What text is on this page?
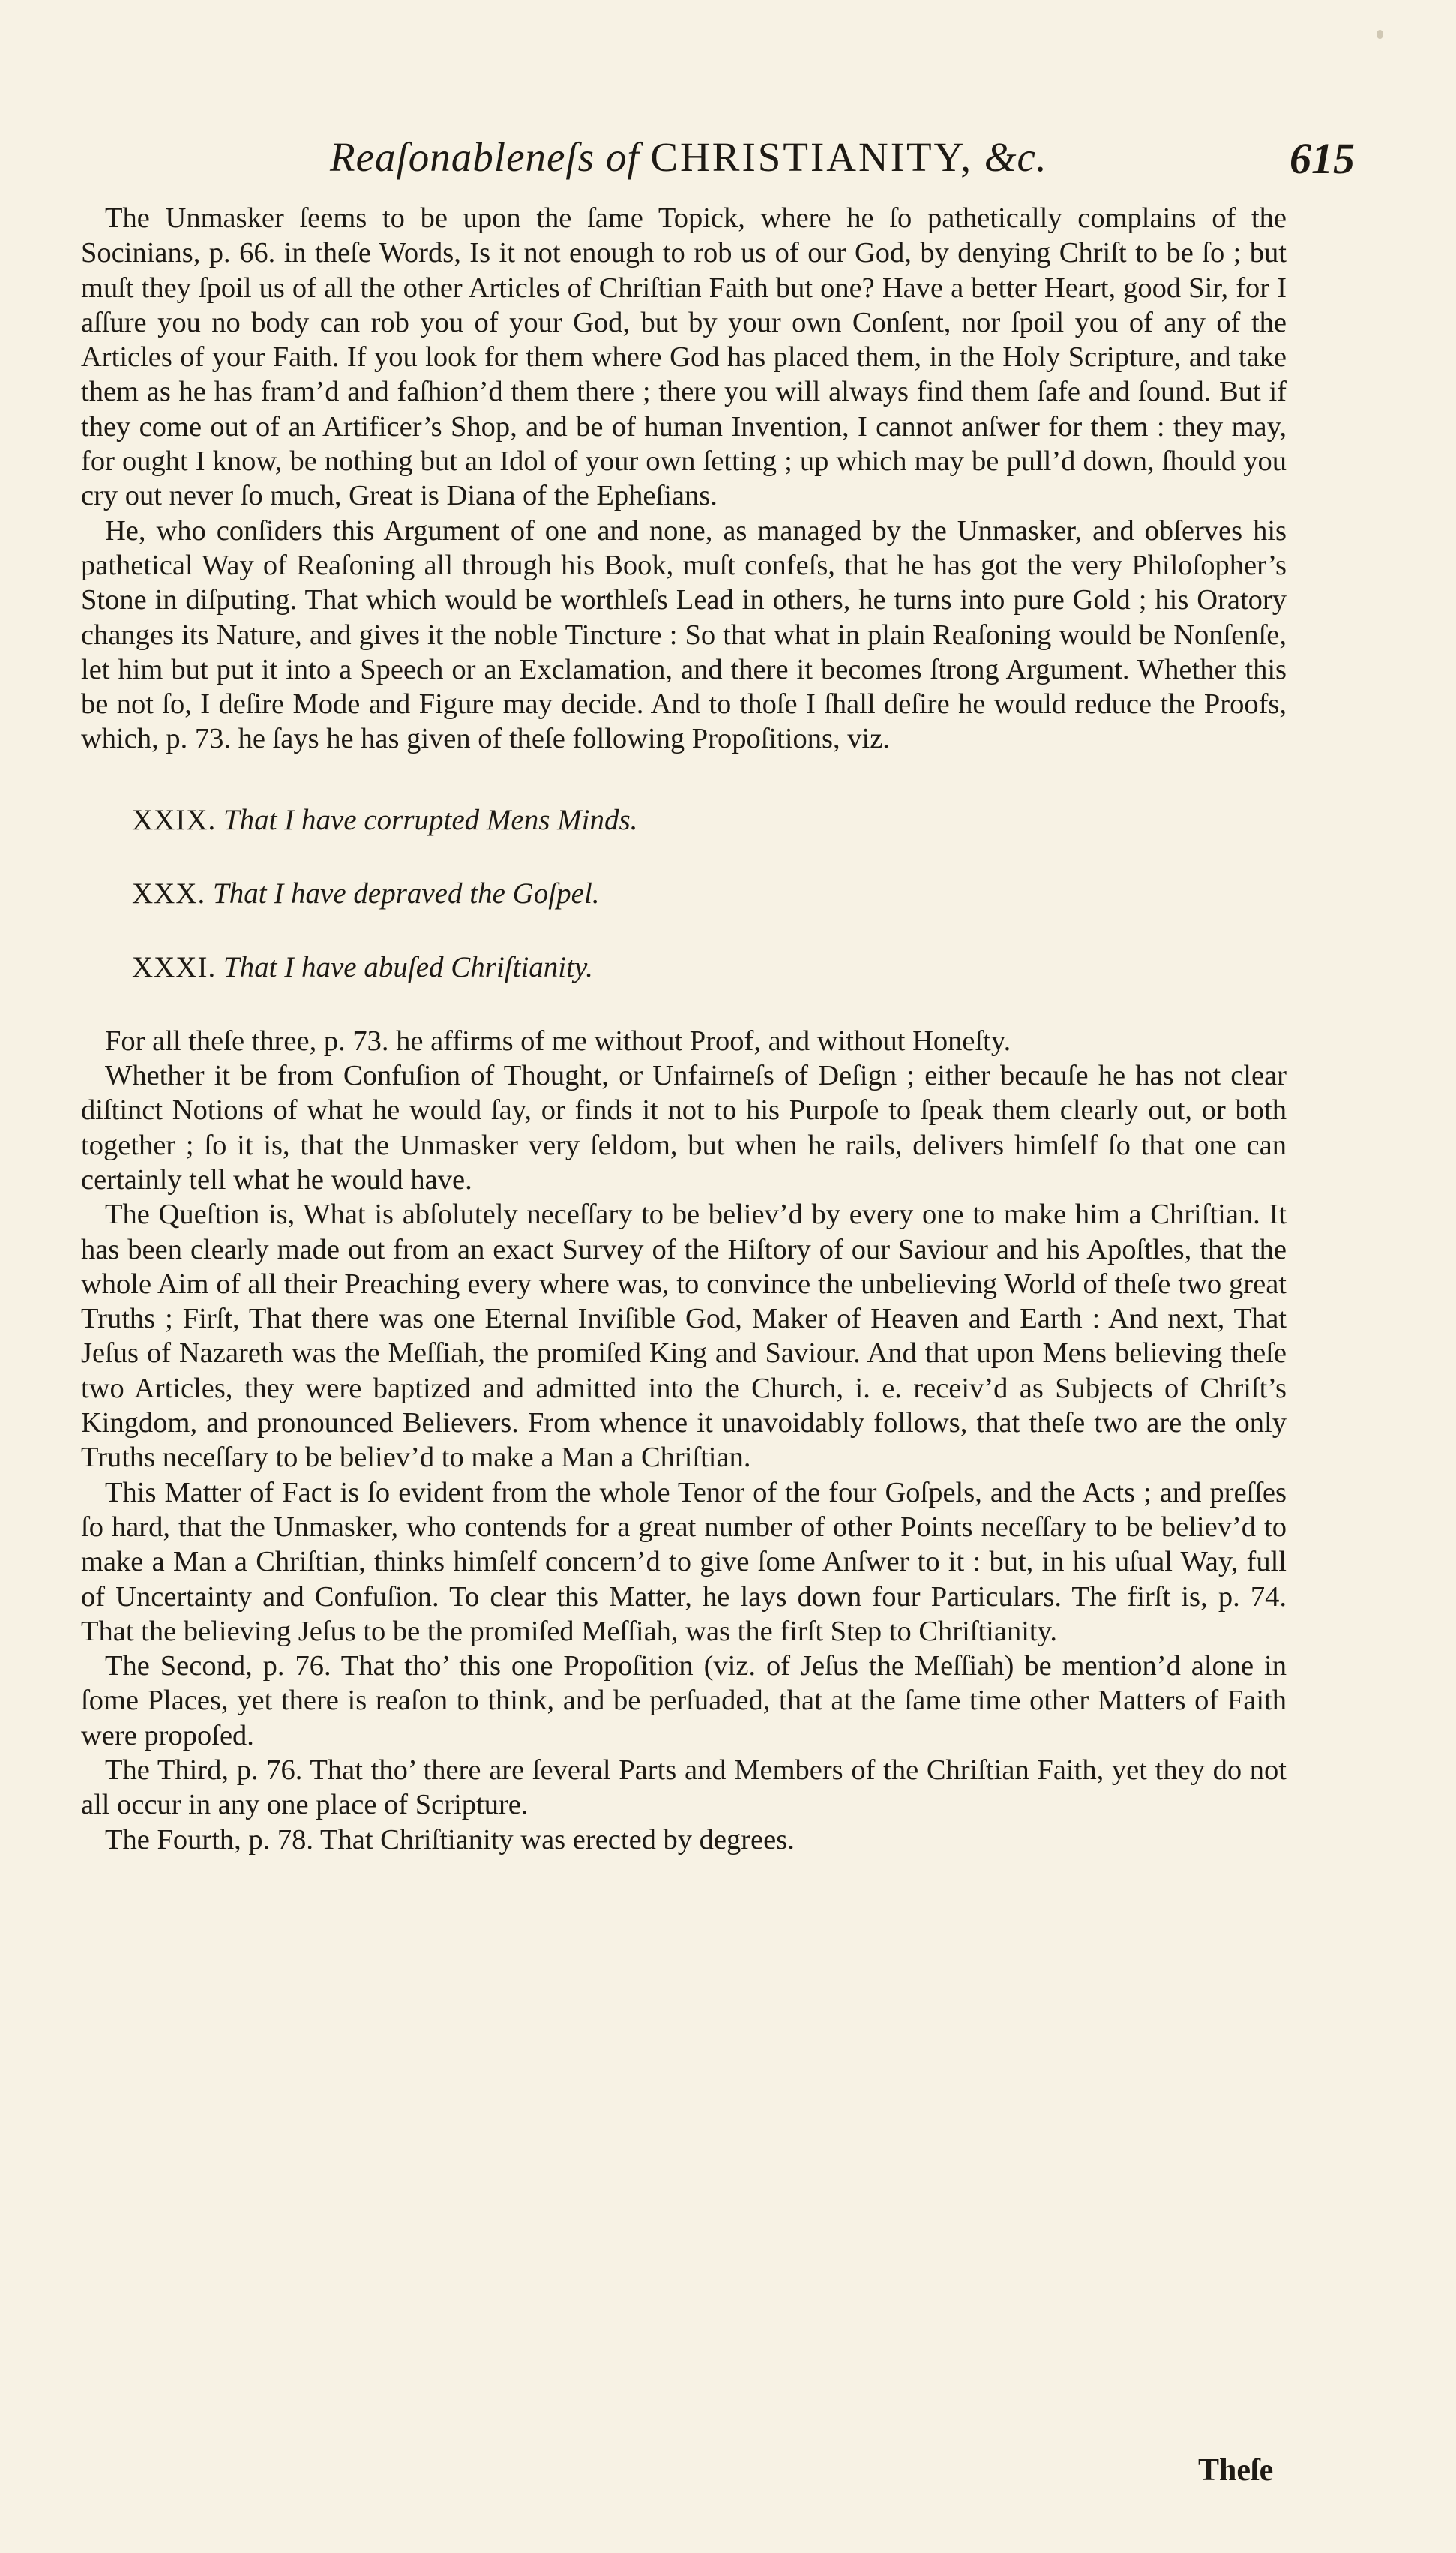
Reaſonableneſs of CHRISTIANITY, &c.	615

The Unmasker ſeems to be upon the ſame Topick, where he ſo pathetically complains of the Socinians, p. 66. in theſe Words, Is it not enough to rob us of our God, by denying Chriſt to be ſo ; but muſt they ſpoil us of all the other Articles of Chriſtian Faith but one? Have a better Heart, good Sir, for I aſſure you no body can rob you of your God, but by your own Conſent, nor ſpoil you of any of the Articles of your Faith. If you look for them where God has placed them, in the Holy Scripture, and take them as he has fram’d and faſhion’d them there ; there you will always find them ſafe and ſound. But if they come out of an Artificer’s Shop, and be of human Invention, I cannot anſwer for them : they may, for ought I know, be nothing but an Idol of your own ſetting ; up which may be pull’d down, ſhould you cry out never ſo much, Great is Diana of the Epheſians.

He, who conſiders this Argument of one and none, as managed by the Unmasker, and obſerves his pathetical Way of Reaſoning all through his Book, muſt confeſs, that he has got the very Philoſopher’s Stone in diſputing. That which would be worthleſs Lead in others, he turns into pure Gold ; his Oratory changes its Nature, and gives it the noble Tincture : So that what in plain Reaſoning would be Nonſenſe, let him but put it into a Speech or an Exclamation, and there it becomes ſtrong Argument. Whether this be not ſo, I deſire Mode and Figure may decide. And to thoſe I ſhall deſire he would reduce the Proofs, which, p. 73. he ſays he has given of theſe following Propoſitions, viz.

XXIX. That I have corrupted Mens Minds.
XXX. That I have depraved the Goſpel.
XXXI. That I have abuſed Chriſtianity.

For all theſe three, p. 73. he affirms of me without Proof, and without Honeſty.

Whether it be from Confuſion of Thought, or Unfairneſs of Deſign ; either becauſe he has not clear diſtinct Notions of what he would ſay, or finds it not to his Purpoſe to ſpeak them clearly out, or both together ; ſo it is, that the Unmasker very ſeldom, but when he rails, delivers himſelf ſo that one can certainly tell what he would have.

The Queſtion is, What is abſolutely neceſſary to be believ’d by every one to make him a Chriſtian. It has been clearly made out from an exact Survey of the Hiſtory of our Saviour and his Apoſtles, that the whole Aim of all their Preaching every where was, to convince the unbelieving World of theſe two great Truths ; Firſt, That there was one Eternal Inviſible God, Maker of Heaven and Earth : And next, That Jeſus of Nazareth was the Meſſiah, the promiſed King and Saviour. And that upon Mens believing theſe two Articles, they were baptized and admitted into the Church, i. e. receiv’d as Subjects of Chriſt’s Kingdom, and pronounced Believers. From whence it unavoidably follows, that theſe two are the only Truths neceſſary to be believ’d to make a Man a Chriſtian.

This Matter of Fact is ſo evident from the whole Tenor of the four Goſpels, and the Acts ; and preſſes ſo hard, that the Unmasker, who contends for a great number of other Points neceſſary to be believ’d to make a Man a Chriſtian, thinks himſelf concern’d to give ſome Anſwer to it : but, in his uſual Way, full of Uncertainty and Confuſion. To clear this Matter, he lays down four Particulars. The firſt is, p. 74. That the believing Jeſus to be the promiſed Meſſiah, was the firſt Step to Chriſtianity.

The Second, p. 76. That tho’ this one Propoſition (viz. of Jeſus the Meſſiah) be mention’d alone in ſome Places, yet there is reaſon to think, and be perſuaded, that at the ſame time other Matters of Faith were propoſed.

The Third, p. 76. That tho’ there are ſeveral Parts and Members of the Chriſtian Faith, yet they do not all occur in any one place of Scripture.

The Fourth, p. 78. That Chriſtianity was erected by degrees.

Theſe
